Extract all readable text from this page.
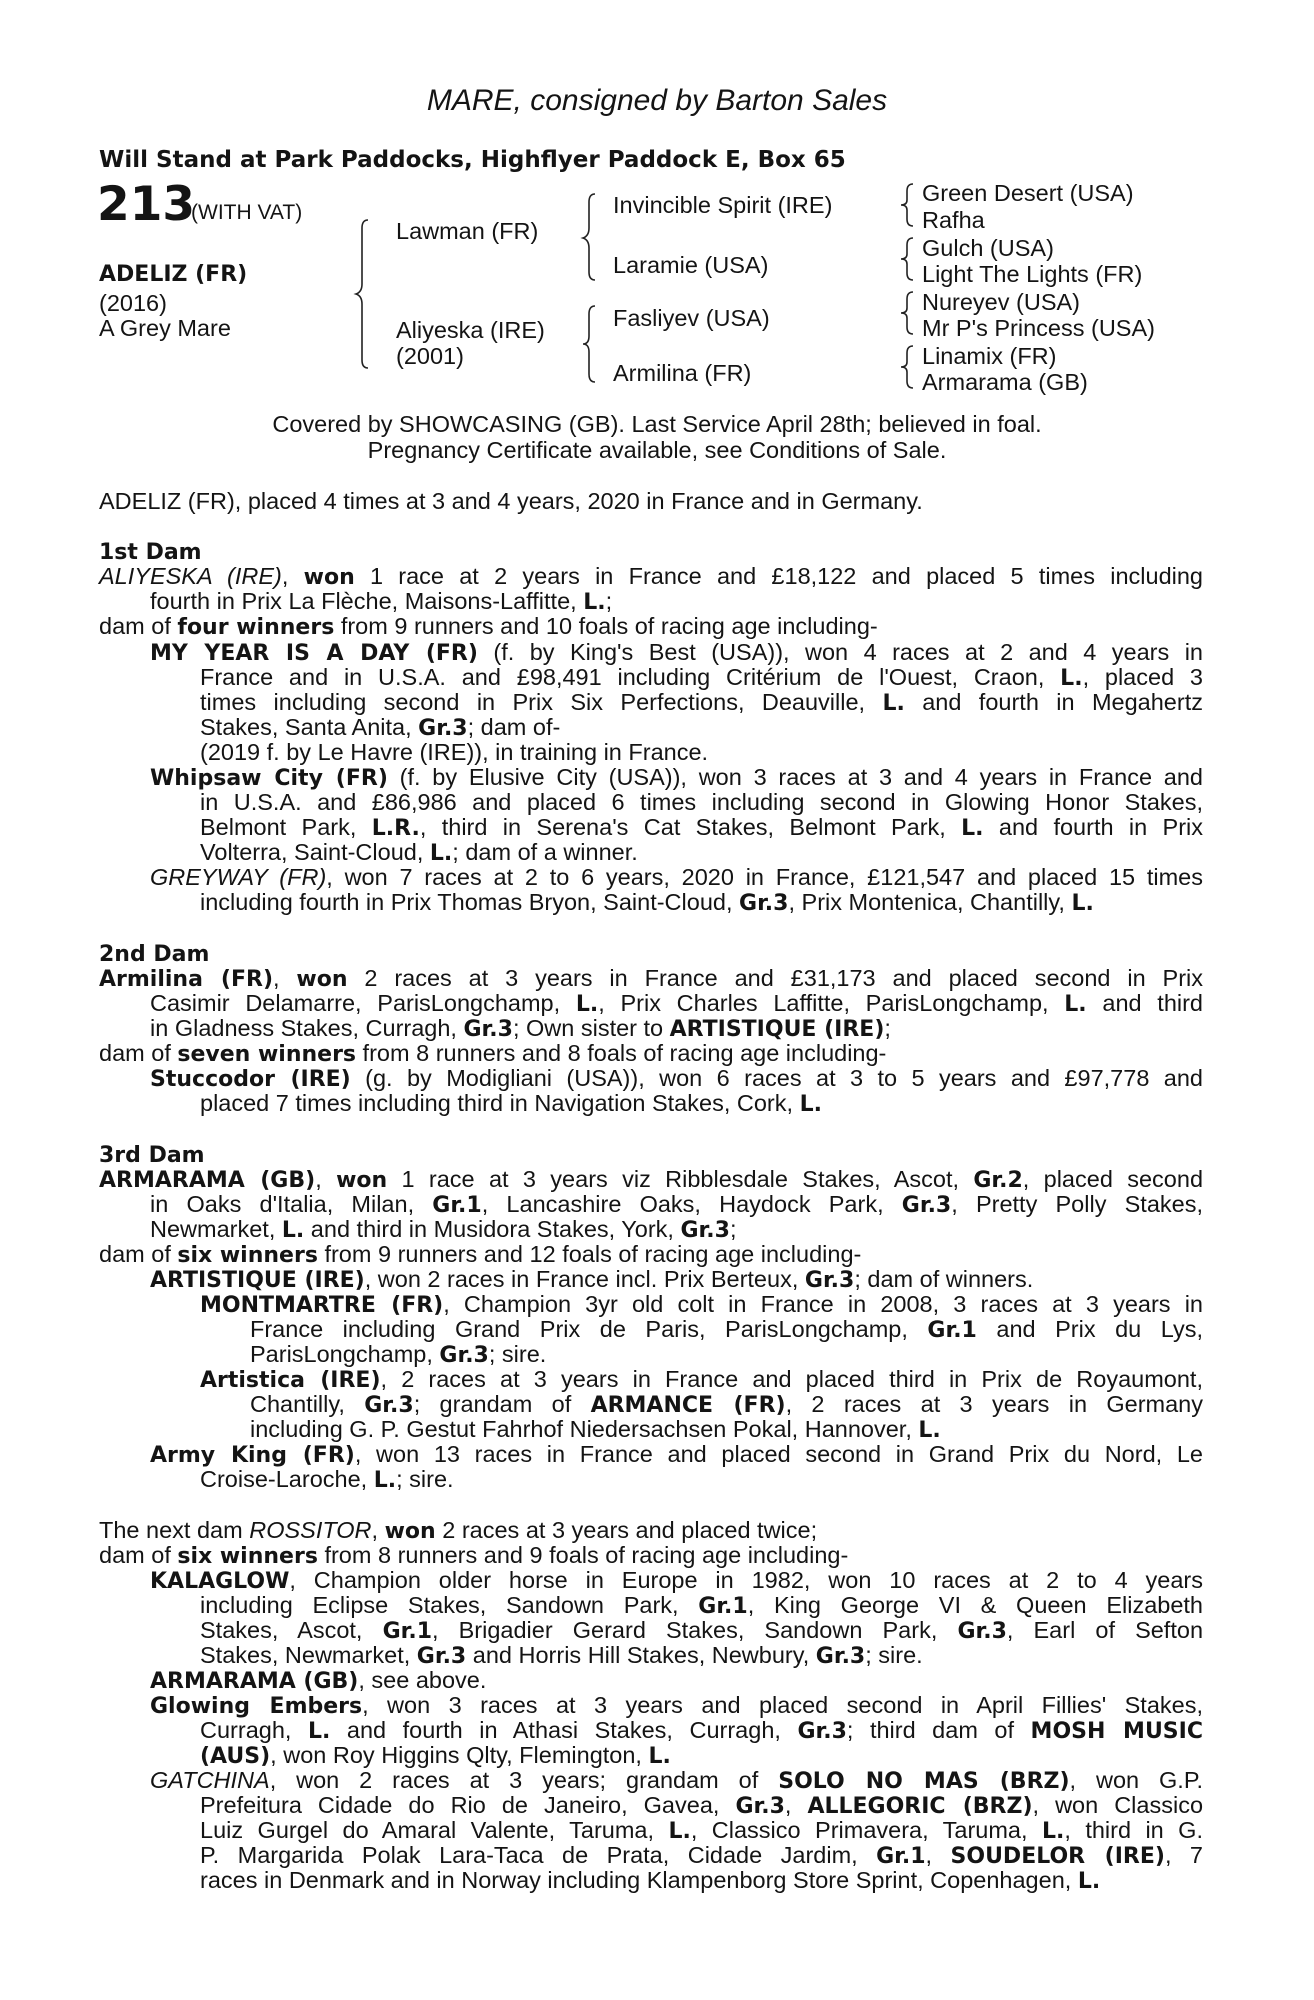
MARE, consigned by Barton Sales
Will Stand at Park Paddocks, Highflyer Paddock E, Box 65
213
(WITH VAT)
ADELIZ (FR)
(2016)
A Grey Mare
Lawman (FR)
Aliyeska (IRE)
(2001)
Invincible Spirit (IRE)
Laramie (USA)
Fasliyev (USA)
Armilina (FR)
Green Desert (USA)
Rafha
Gulch (USA)
Light The Lights (FR)
Nureyev (USA)
Mr P's Princess (USA)
Linamix (FR)
Armarama (GB)
Covered by SHOWCASING (GB). Last Service April 28th; believed in foal.
Pregnancy Certificate available, see Conditions of Sale.
ADELIZ (FR), placed 4 times at 3 and 4 years, 2020 in France and in Germany.
1st Dam
ALIYESKA (IRE), won 1 race at 2 years in France and £18,122 and placed 5 times including
fourth in Prix La Flèche, Maisons-Laffitte, L.;
dam of four winners from 9 runners and 10 foals of racing age including-
MY YEAR IS A DAY (FR) (f. by King's Best (USA)), won 4 races at 2 and 4 years in
France and in U.S.A. and £98,491 including Critérium de l'Ouest, Craon, L., placed 3
times including second in Prix Six Perfections, Deauville, L. and fourth in Megahertz
Stakes, Santa Anita, Gr.3; dam of-
(2019 f. by Le Havre (IRE)), in training in France.
Whipsaw City (FR) (f. by Elusive City (USA)), won 3 races at 3 and 4 years in France and
in U.S.A. and £86,986 and placed 6 times including second in Glowing Honor Stakes,
Belmont Park, L.R., third in Serena's Cat Stakes, Belmont Park, L. and fourth in Prix
Volterra, Saint-Cloud, L.; dam of a winner.
GREYWAY (FR), won 7 races at 2 to 6 years, 2020 in France, £121,547 and placed 15 times
including fourth in Prix Thomas Bryon, Saint-Cloud, Gr.3, Prix Montenica, Chantilly, L.
2nd Dam
Armilina (FR), won 2 races at 3 years in France and £31,173 and placed second in Prix
Casimir Delamarre, ParisLongchamp, L., Prix Charles Laffitte, ParisLongchamp, L. and third
in Gladness Stakes, Curragh, Gr.3; Own sister to ARTISTIQUE (IRE);
dam of seven winners from 8 runners and 8 foals of racing age including-
Stuccodor (IRE) (g. by Modigliani (USA)), won 6 races at 3 to 5 years and £97,778 and
placed 7 times including third in Navigation Stakes, Cork, L.
3rd Dam
ARMARAMA (GB), won 1 race at 3 years viz Ribblesdale Stakes, Ascot, Gr.2, placed second
in Oaks d'Italia, Milan, Gr.1, Lancashire Oaks, Haydock Park, Gr.3, Pretty Polly Stakes,
Newmarket, L. and third in Musidora Stakes, York, Gr.3;
dam of six winners from 9 runners and 12 foals of racing age including-
ARTISTIQUE (IRE), won 2 races in France incl. Prix Berteux, Gr.3; dam of winners.
MONTMARTRE (FR), Champion 3yr old colt in France in 2008, 3 races at 3 years in
France including Grand Prix de Paris, ParisLongchamp, Gr.1 and Prix du Lys,
ParisLongchamp, Gr.3; sire.
Artistica (IRE), 2 races at 3 years in France and placed third in Prix de Royaumont,
Chantilly, Gr.3; grandam of ARMANCE (FR), 2 races at 3 years in Germany
including G. P. Gestut Fahrhof Niedersachsen Pokal, Hannover, L.
Army King (FR), won 13 races in France and placed second in Grand Prix du Nord, Le
Croise-Laroche, L.; sire.
The next dam ROSSITOR, won 2 races at 3 years and placed twice;
dam of six winners from 8 runners and 9 foals of racing age including-
KALAGLOW, Champion older horse in Europe in 1982, won 10 races at 2 to 4 years
including Eclipse Stakes, Sandown Park, Gr.1, King George VI & Queen Elizabeth
Stakes, Ascot, Gr.1, Brigadier Gerard Stakes, Sandown Park, Gr.3, Earl of Sefton
Stakes, Newmarket, Gr.3 and Horris Hill Stakes, Newbury, Gr.3; sire.
ARMARAMA (GB), see above.
Glowing Embers, won 3 races at 3 years and placed second in April Fillies' Stakes,
Curragh, L. and fourth in Athasi Stakes, Curragh, Gr.3; third dam of MOSH MUSIC
(AUS), won Roy Higgins Qlty, Flemington, L.
GATCHINA, won 2 races at 3 years; grandam of SOLO NO MAS (BRZ), won G.P.
Prefeitura Cidade do Rio de Janeiro, Gavea, Gr.3, ALLEGORIC (BRZ), won Classico
Luiz Gurgel do Amaral Valente, Taruma, L., Classico Primavera, Taruma, L., third in G.
P. Margarida Polak Lara-Taca de Prata, Cidade Jardim, Gr.1, SOUDELOR (IRE), 7
races in Denmark and in Norway including Klampenborg Store Sprint, Copenhagen, L.
